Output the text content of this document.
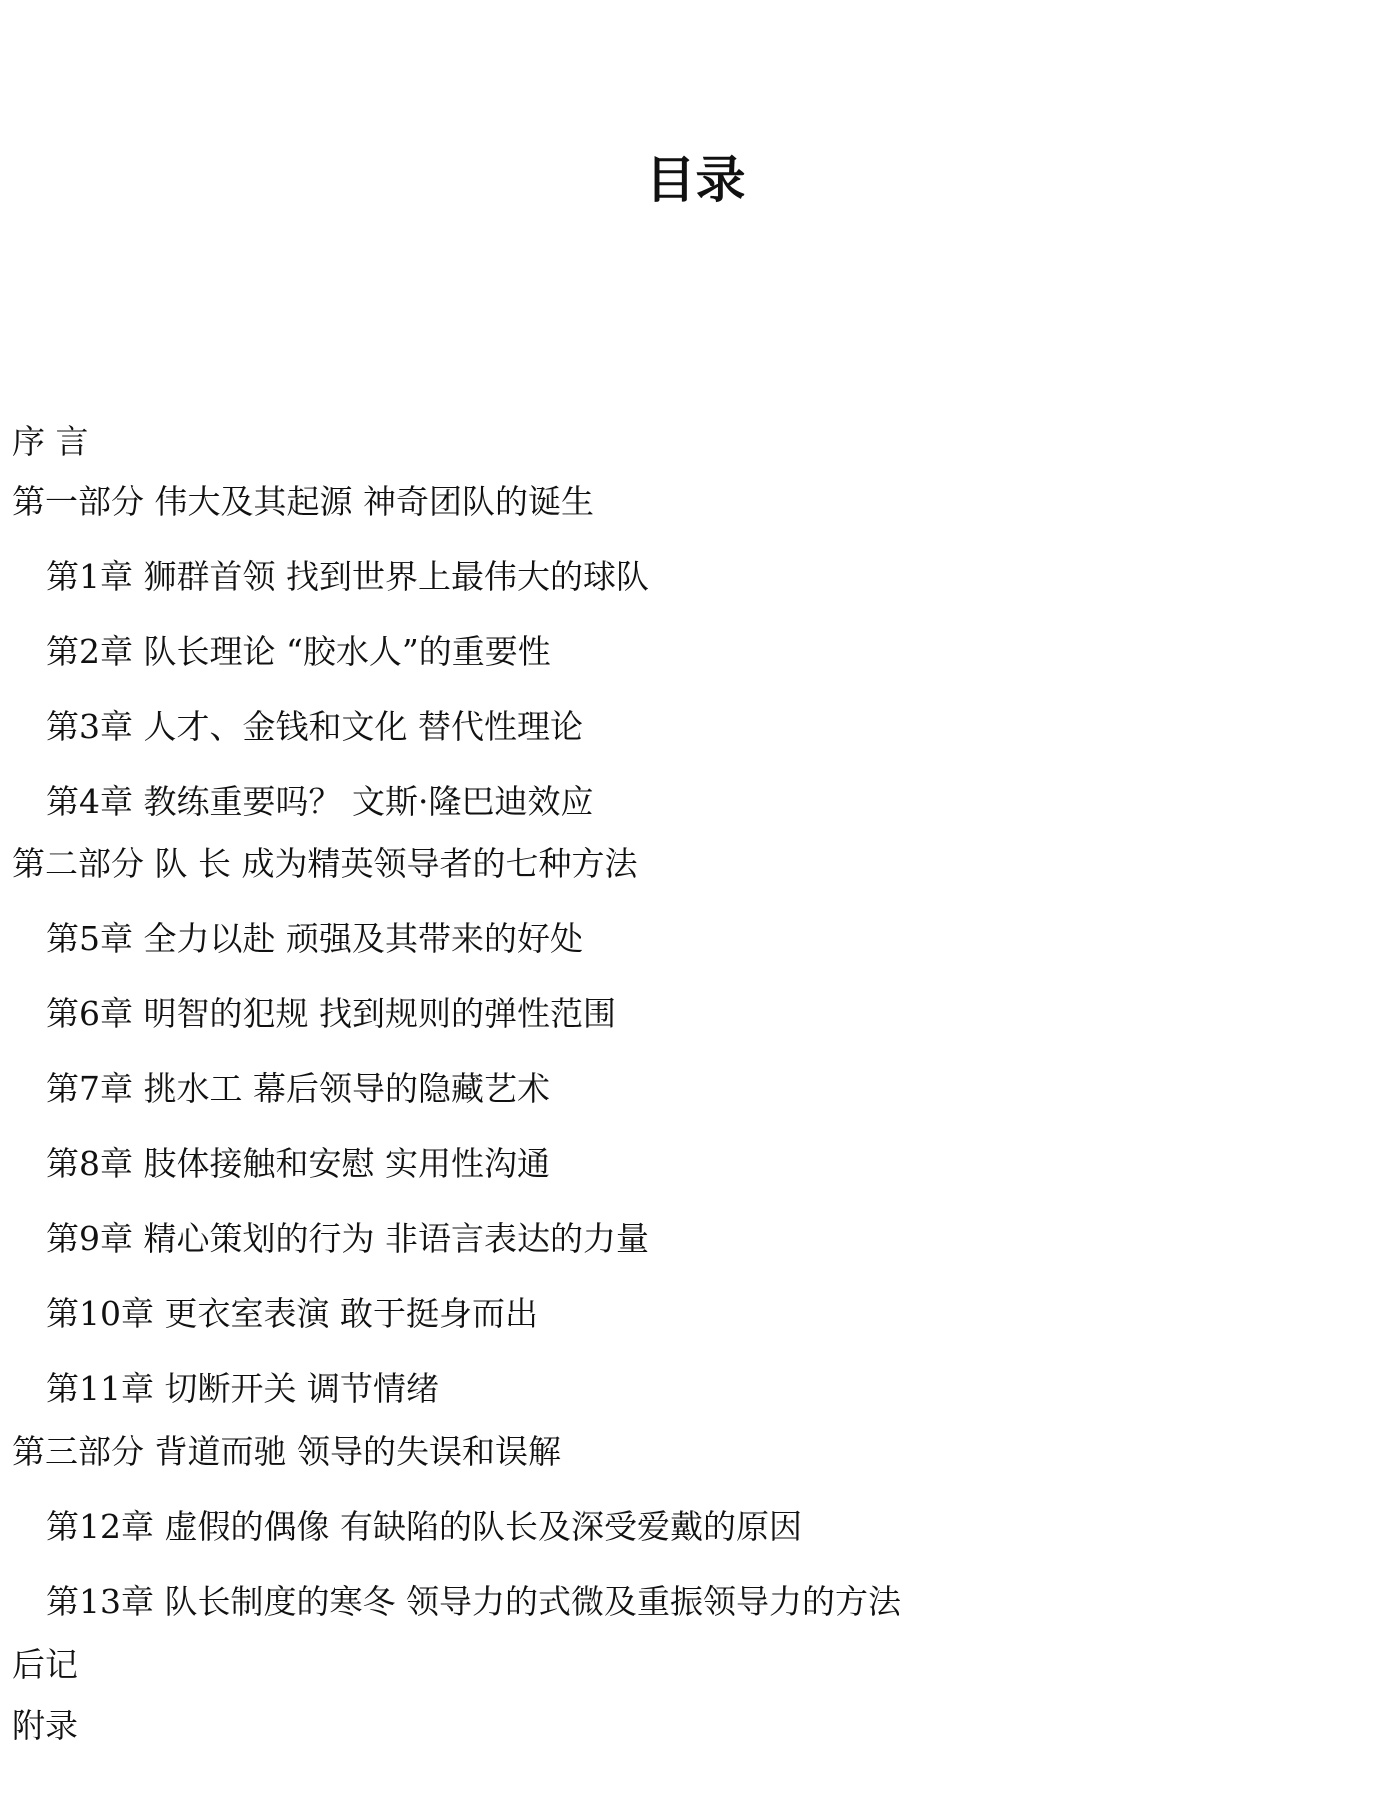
目录
序 言
第一部分 伟大及其起源 神奇团队的诞生
第1章 狮群首领 找到世界上最伟大的球队
第2章 队长理论 “胶水人”的重要性
第3章 人才、金钱和文化 替代性理论
第4章 教练重要吗？ 文斯·隆巴迪效应
第二部分 队 长 成为精英领导者的七种方法
第5章 全力以赴 顽强及其带来的好处
第6章 明智的犯规 找到规则的弹性范围
第7章 挑水工 幕后领导的隐藏艺术
第8章 肢体接触和安慰 实用性沟通
第9章 精心策划的行为 非语言表达的力量
第10章 更衣室表演 敢于挺身而出
第11章 切断开关 调节情绪
第三部分 背道而驰 领导的失误和误解
第12章 虚假的偶像 有缺陷的队长及深受爱戴的原因
第13章 队长制度的寒冬 领导力的式微及重振领导力的方法
后记
附录
